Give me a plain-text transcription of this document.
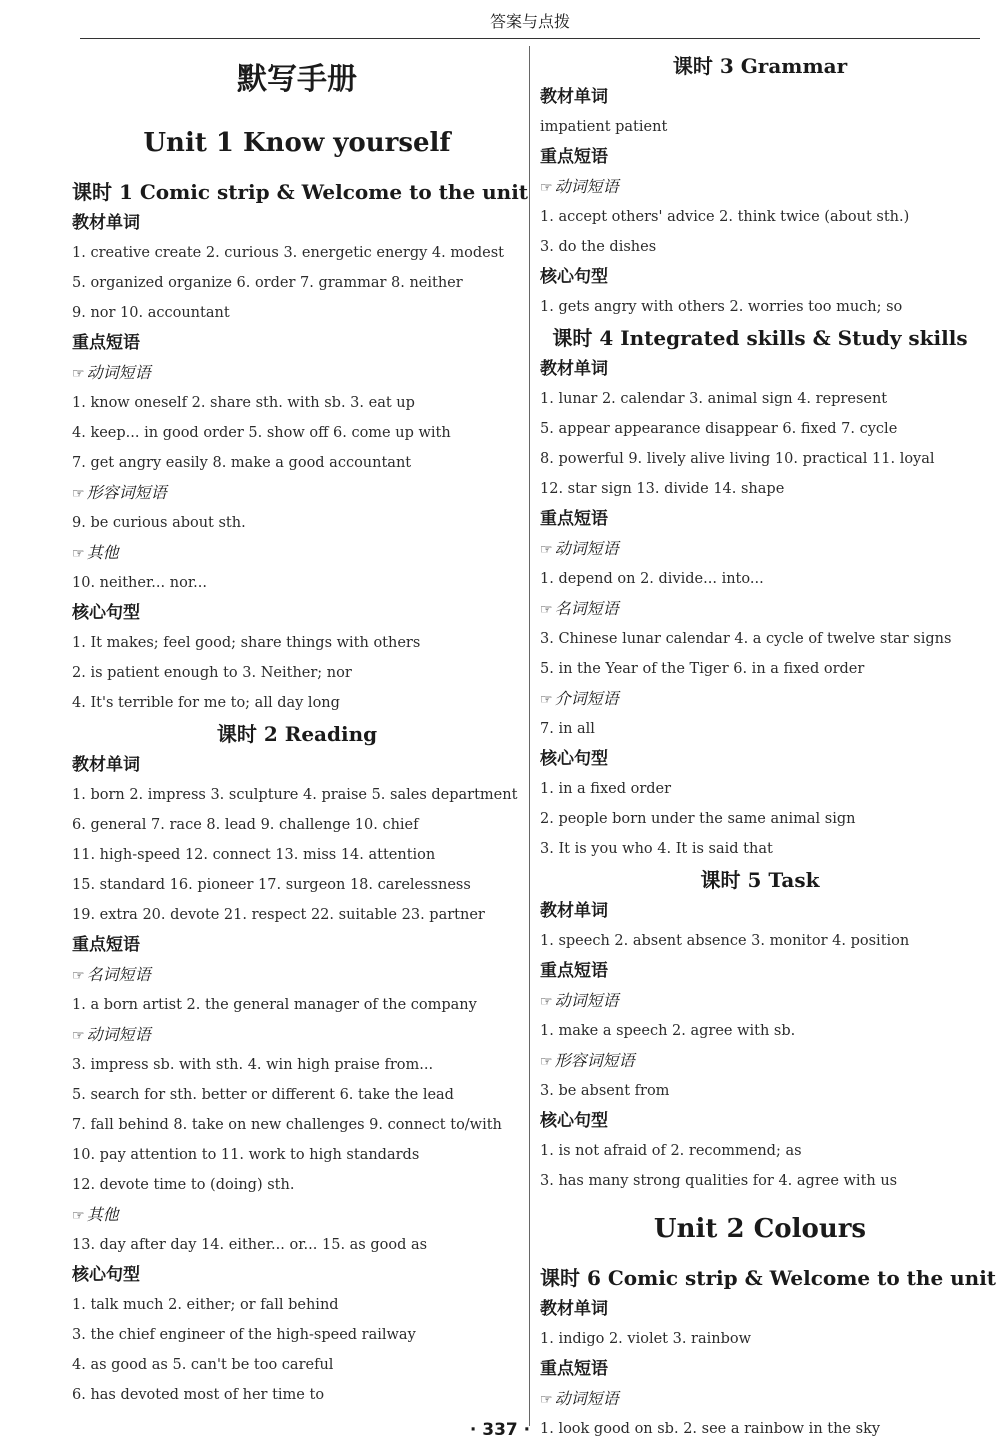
答案与点拨
默写手册
Unit 1 Know yourself
课时 1 Comic strip & Welcome to the unit
教材单词
1. creative create 2. curious 3. energetic energy 4. modest
5. organized organize 6. order 7. grammar 8. neither
9. nor 10. accountant
重点短语
☞ 动词短语
1. know oneself 2. share sth. with sb. 3. eat up
4. keep... in good order 5. show off 6. come up with
7. get angry easily 8. make a good accountant
☞ 形容词短语
9. be curious about sth.
☞ 其他
10. neither... nor...
核心句型
1. It makes; feel good; share things with others
2. is patient enough to 3. Neither; nor
4. It's terrible for me to; all day long
课时 2 Reading
教材单词
1. born 2. impress 3. sculpture 4. praise 5. sales department
6. general 7. race 8. lead 9. challenge 10. chief
11. high-speed 12. connect 13. miss 14. attention
15. standard 16. pioneer 17. surgeon 18. carelessness
19. extra 20. devote 21. respect 22. suitable 23. partner
重点短语
☞ 名词短语
1. a born artist 2. the general manager of the company
☞ 动词短语
3. impress sb. with sth. 4. win high praise from...
5. search for sth. better or different 6. take the lead
7. fall behind 8. take on new challenges 9. connect to/with
10. pay attention to 11. work to high standards
12. devote time to (doing) sth.
☞ 其他
13. day after day 14. either... or... 15. as good as
核心句型
1. talk much 2. either; or fall behind
3. the chief engineer of the high-speed railway
4. as good as 5. can't be too careful
6. has devoted most of her time to
课时 3 Grammar
教材单词
impatient patient
重点短语
☞ 动词短语
1. accept others' advice 2. think twice (about sth.)
3. do the dishes
核心句型
1. gets angry with others 2. worries too much; so
课时 4 Integrated skills & Study skills
教材单词
1. lunar 2. calendar 3. animal sign 4. represent
5. appear appearance disappear 6. fixed 7. cycle
8. powerful 9. lively alive living 10. practical 11. loyal
12. star sign 13. divide 14. shape
重点短语
☞ 动词短语
1. depend on 2. divide... into...
☞ 名词短语
3. Chinese lunar calendar 4. a cycle of twelve star signs
5. in the Year of the Tiger 6. in a fixed order
☞ 介词短语
7. in all
核心句型
1. in a fixed order
2. people born under the same animal sign
3. It is you who 4. It is said that
课时 5 Task
教材单词
1. speech 2. absent absence 3. monitor 4. position
重点短语
☞ 动词短语
1. make a speech 2. agree with sb.
☞ 形容词短语
3. be absent from
核心句型
1. is not afraid of 2. recommend; as
3. has many strong qualities for 4. agree with us
Unit 2 Colours
课时 6 Comic strip & Welcome to the unit
教材单词
1. indigo 2. violet 3. rainbow
重点短语
☞ 动词短语
1. look good on sb. 2. see a rainbow in the sky
· 337 ·
